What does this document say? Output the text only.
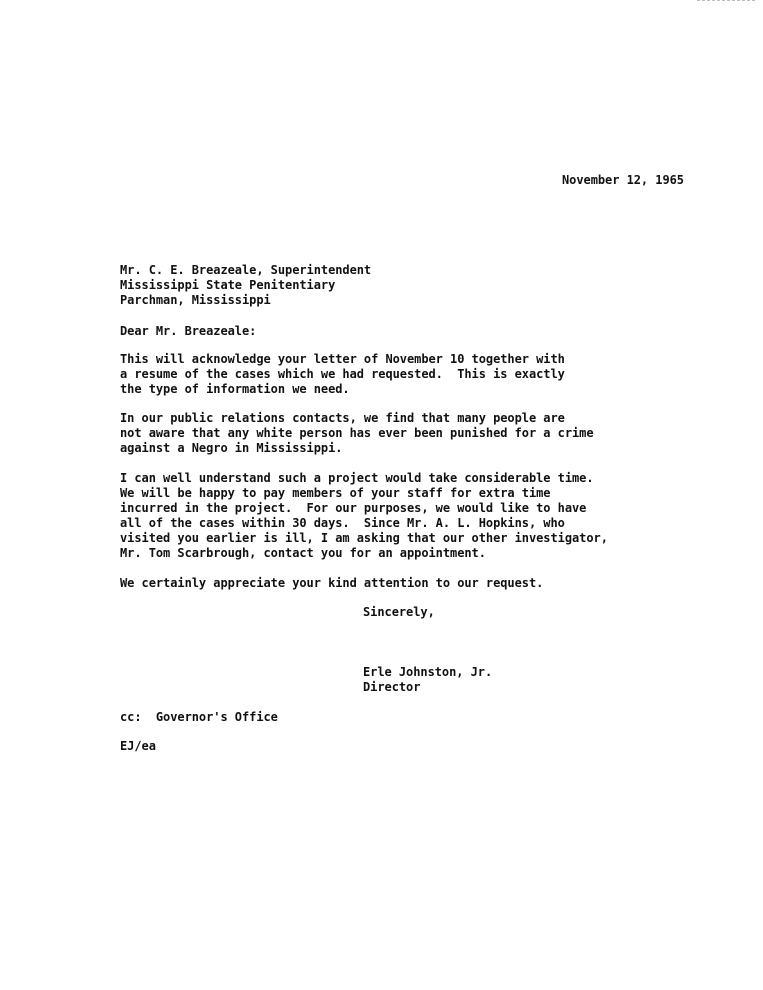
November 12, 1965
Mr. C. E. Breazeale, Superintendent
Mississippi State Penitentiary
Parchman, Mississippi
Dear Mr. Breazeale:
This will acknowledge your letter of November 10 together with
a resume of the cases which we had requested.  This is exactly
the type of information we need.
In our public relations contacts, we find that many people are
not aware that any white person has ever been punished for a crime
against a Negro in Mississippi.
I can well understand such a project would take considerable time.
We will be happy to pay members of your staff for extra time
incurred in the project.  For our purposes, we would like to have
all of the cases within 30 days.  Since Mr. A. L. Hopkins, who
visited you earlier is ill, I am asking that our other investigator,
Mr. Tom Scarbrough, contact you for an appointment.
We certainly appreciate your kind attention to our request.
Sincerely,
Erle Johnston, Jr.
Director
cc:  Governor's Office
EJ/ea
